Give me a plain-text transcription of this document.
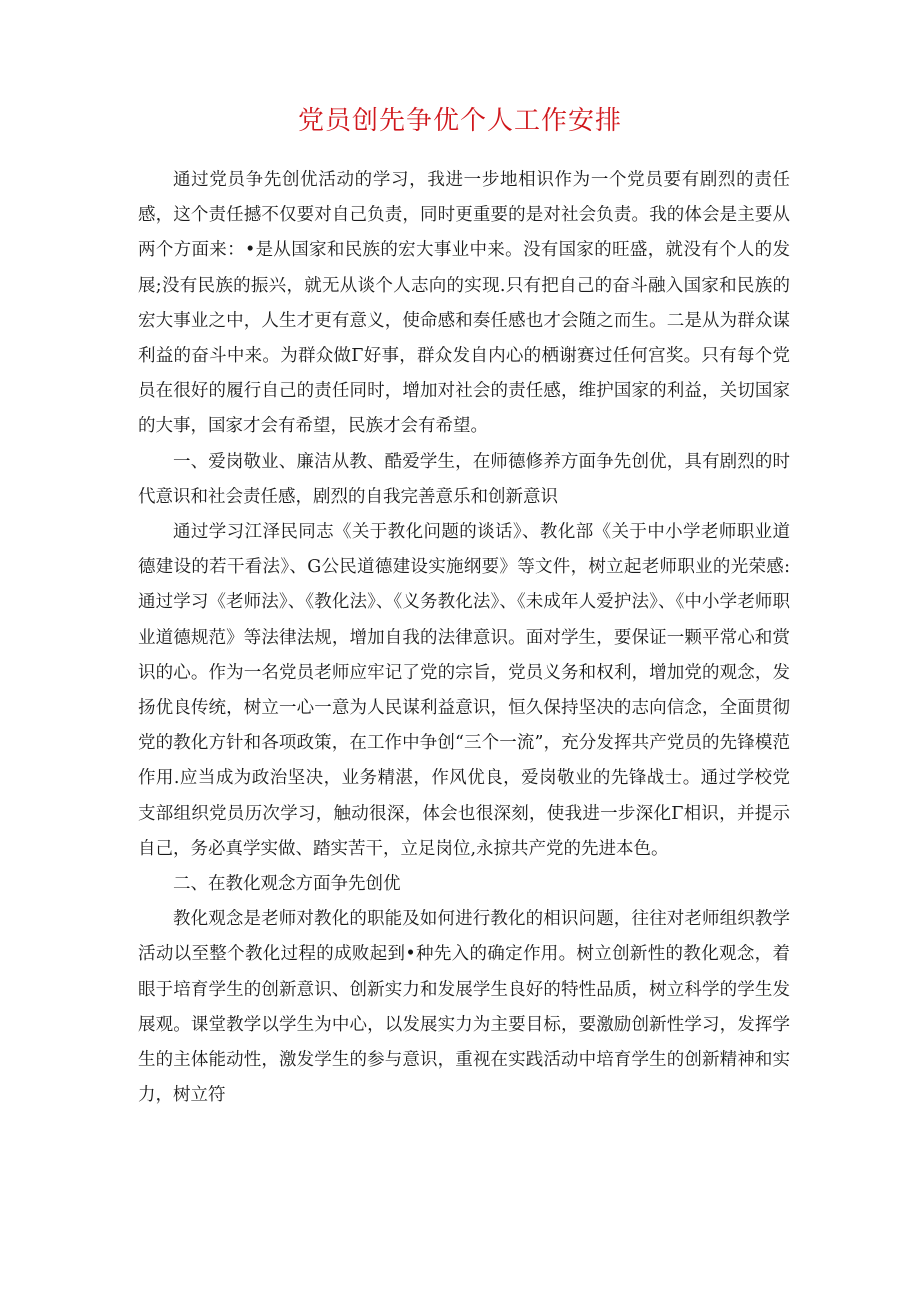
党员创先争优个人工作安排

通过党员争先创优活动的学习，我进一步地相识作为一个党员要有剧烈的责任感，这个责任撼不仅要对自己负责，同时更重要的是对社会负责。我的体会是主要从两个方面来：•是从国家和民族的宏大事业中来。没有国家的旺盛，就没有个人的发展;没有民族的振兴，就无从谈个人志向的实现.只有把自己的奋斗融入国家和民族的宏大事业之中，人生才更有意义，使命感和奏任感也才会随之而生。二是从为群众谋利益的奋斗中来。为群众做Γ好事，群众发自内心的栖谢赛过任何宫奖。只有每个党员在很好的履行自己的责任同时，增加对社会的责任感，维护国家的利益，关切国家的大事，国家才会有希望，民族才会有希望。

一、爱岗敬业、廉洁从教、酷爱学生，在师德修养方面争先创优，具有剧烈的时代意识和社会责任感，剧烈的自我完善意乐和创新意识

通过学习江泽民同志《关于教化问题的谈话》、教化部《关于中小学老师职业道德建设的若干看法》、G公民道德建设实施纲要》等文件，树立起老师职业的光荣感:通过学习《老师法》、《教化法》、《义务教化法》、《未成年人爱护法》、《中小学老师职业道德规范》等法律法规，增加自我的法律意识。面对学生，要保证一颗平常心和赏识的心。作为一名党员老师应牢记了党的宗旨，党员义务和权利，增加党的观念，发扬优良传统，树立一心一意为人民谋利益意识，恒久保持坚决的志向信念，全面贯彻党的教化方针和各项政策，在工作中争创“三个一流”，充分发挥共产党员的先锋模范作用.应当成为政治坚决，业务精湛，作风优良，爱岗敬业的先锋战士。通过学校党支部组织党员历次学习，触动很深，体会也很深刻，使我进一步深化Γ相识，并提示自己，务必真学实做、踏实苦干，立足岗位,永掠共产党的先进本色。

二、在教化观念方面争先创优

教化观念是老师对教化的职能及如何进行教化的相识问题，往往对老师组织教学活动以至整个教化过程的成败起到•种先入的确定作用。树立创新性的教化观念，着眼于培育学生的创新意识、创新实力和发展学生良好的特性品质，树立科学的学生发展观。课堂教学以学生为中心，以发展实力为主要目标，要激励创新性学习，发挥学生的主体能动性，激发学生的参与意识，重视在实践活动中培育学生的创新精神和实力，树立符
